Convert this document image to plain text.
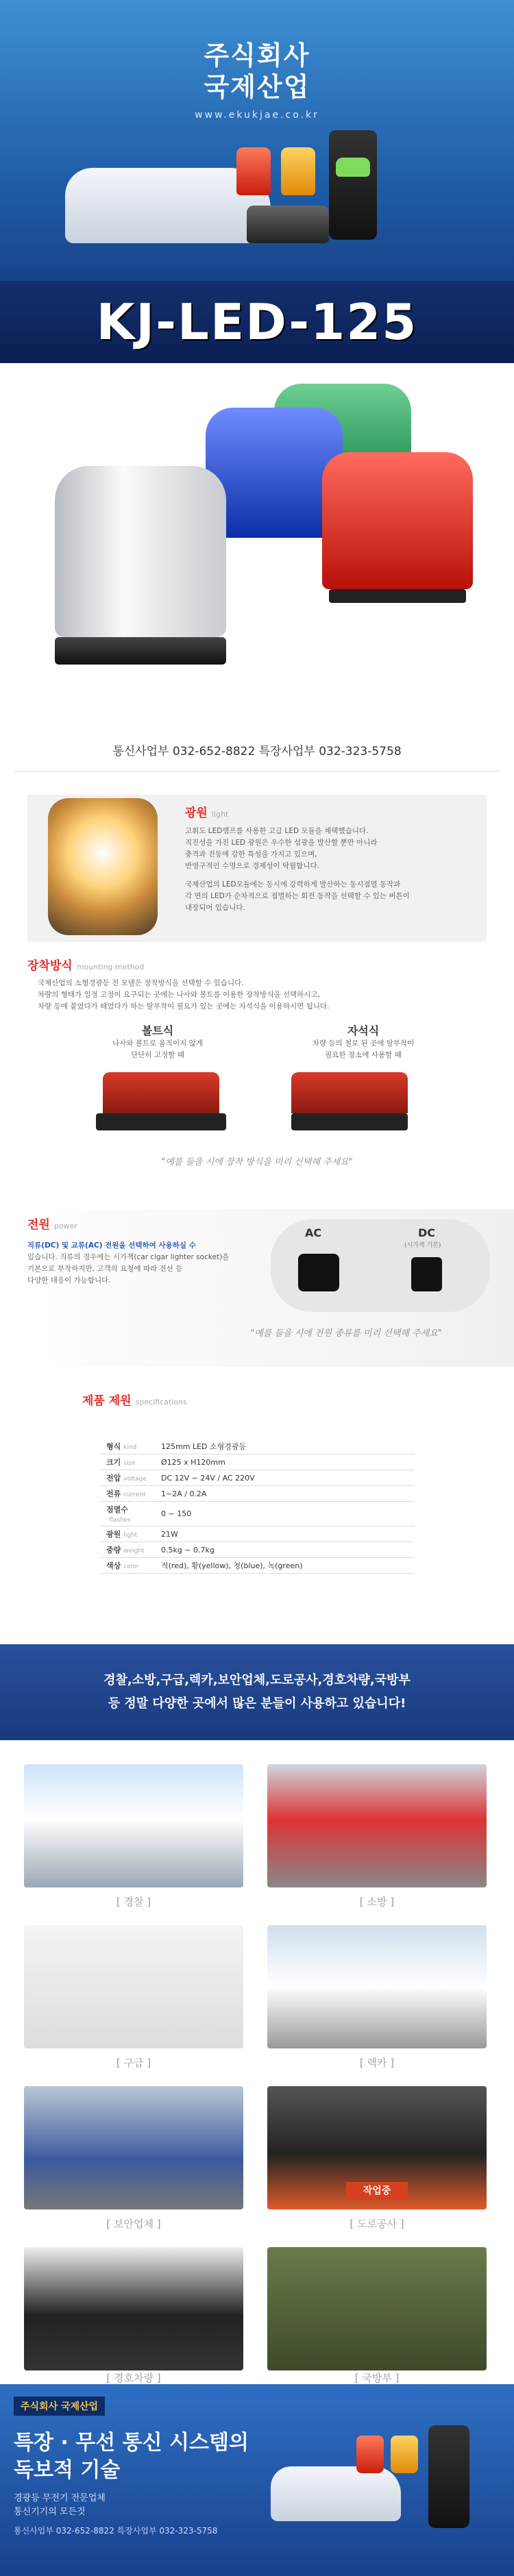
주식회사
국제산업
www.ekukjae.co.kr
KJ-LED-125
통신사업부 032-652-8822 특장사업부 032-323-5758
광원 light
고휘도 LED램프를 사용한 고급 LED 모듈을 채택했습니다.
직진성을 가진 LED 광원은 우수한 섬광을 발산할 뿐만 아니라
충격과 진동에 강한 특성을 가지고 있으며,
반영구적인 수명으로 경제성이 탁월합니다.
국제산업의 LED모듈에는 동시에 강력하게 발산하는 동시점멸 동작과
각 면의 LED가 순차적으로 점멸하는 회전 동작을 선택할 수 있는 버튼이
내장되어 있습니다.
장착방식 mounting method
국제산업의 소형경광등 전 모델은 장착방식을 선택할 수 있습니다.
차량의 형태가 일정 고정이 요구되는 곳에는 나사와 볼트를 이용한 장착방식을 선택하시고,
차량 등에 붙였다가 떼었다가 하는 탈부착이 필요가 있는 곳에는 자석식을 이용하시면 됩니다.
볼트식
나사와 볼트로 움직이지 않게
단단히 고정할 때
자석식
차량 등의 철로 된 곳에 탈부착이
필요한 장소에 사용할 때
"예를 들을 시에 장착 방식을 미리 선택해 주세요"
전원 power
직류(DC) 및 교류(AC) 전원을 선택하여 사용하실 수
있습니다. 직류의 경우에는 시가잭(car cigar lighter socket)을
기본으로 부착하지만, 고객의 요청에 따라 전선 등
다양한 대응이 가능합니다.
AC	DC
(시가잭 기본)
"예를 들을 시에 전원 종류를 미리 선택해 주세요"
제품 제원 specifications
형식 kind	125mm LED 소형경광등
크기 size	Ø125 x H120mm
전압 voltage	DC 12V ~ 24V / AC 220V
전류 current	1~2A / 0.2A
점멸수flashes	0 ~ 150
광원 light	21W
중량 weight	0.5kg ~ 0.7kg
색상 color	적(red), 황(yellow), 청(blue), 녹(green)
경찰,소방,구급,렉카,보안업체,도로공사,경호차량,국방부
등 정말 다양한 곳에서 많은 분들이 사용하고 있습니다!
[ 경찰 ]	[ 소방 ]
[ 구급 ]	[ 렉카 ]
[ 보안업체 ]
작업중
[ 도로공사 ]
[ 경호차량 ]	[ 국방부 ]
주식회사 국제산업
특장 · 무선 통신 시스템의
독보적 기술
경광등 무전기 전문업체
통신기기의 모든것
통신사업부 032-652-8822 특장사업부 032-323-5758
